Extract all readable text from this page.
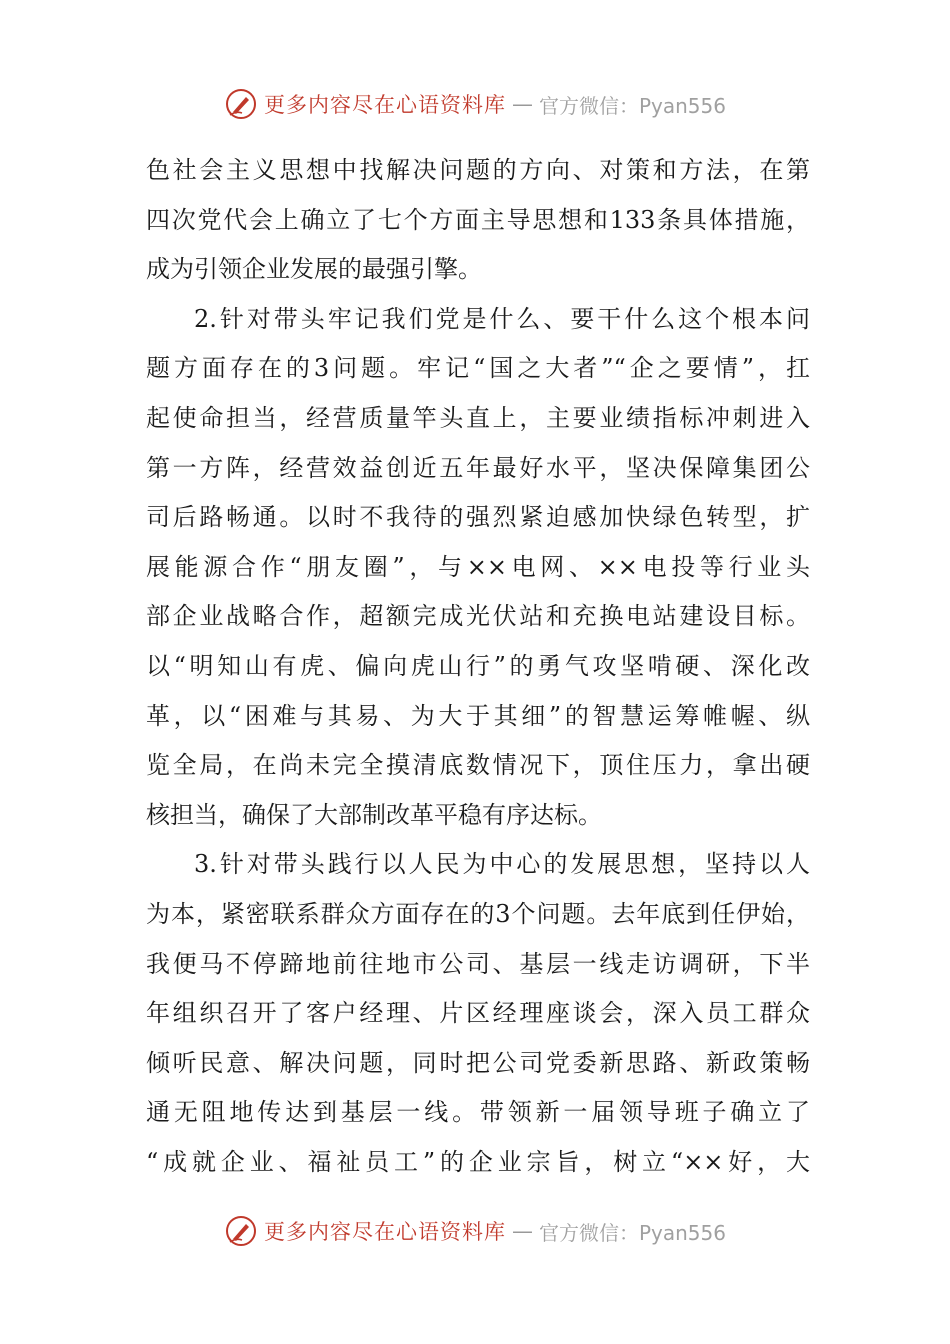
更多内容尽在心语资料库 — 官方微信：Pyan556
色社会主义思想中找解决问题的方向、对策和方法，在第
四次党代会上确立了七个方面主导思想和133条具体措施，
成为引领企业发展的最强引擎。
2.针对带头牢记我们党是什么、要干什么这个根本问
题方面存在的3问题。牢记“国之大者”“企之要情”，扛
起使命担当，经营质量竿头直上，主要业绩指标冲刺进入
第一方阵，经营效益创近五年最好水平，坚决保障集团公
司后路畅通。以时不我待的强烈紧迫感加快绿色转型，扩
展能源合作“朋友圈”，与××电网、××电投等行业头
部企业战略合作，超额完成光伏站和充换电站建设目标。
以“明知山有虎、偏向虎山行”的勇气攻坚啃硬、深化改
革，以“困难与其易、为大于其细”的智慧运筹帷幄、纵
览全局，在尚未完全摸清底数情况下，顶住压力，拿出硬
核担当，确保了大部制改革平稳有序达标。
3.针对带头践行以人民为中心的发展思想，坚持以人
为本，紧密联系群众方面存在的3个问题。去年底到任伊始，
我便马不停蹄地前往地市公司、基层一线走访调研，下半
年组织召开了客户经理、片区经理座谈会，深入员工群众
倾听民意、解决问题，同时把公司党委新思路、新政策畅
通无阻地传达到基层一线。带领新一届领导班子确立了
“成就企业、福祉员工”的企业宗旨，树立“××好，大
更多内容尽在心语资料库 — 官方微信：Pyan556
